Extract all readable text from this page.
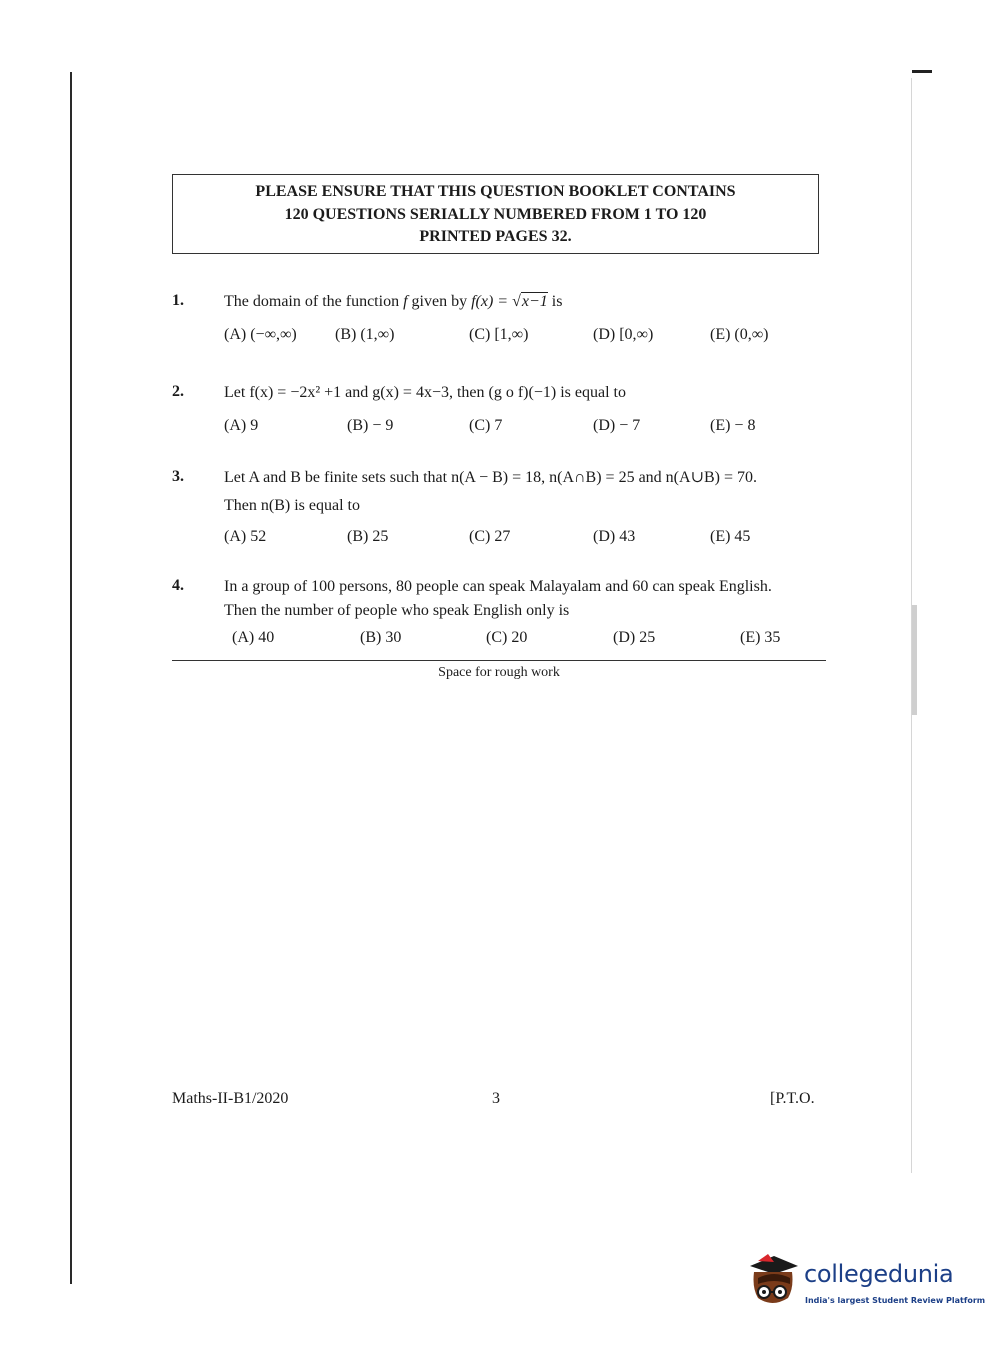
PLEASE ENSURE THAT THIS QUESTION BOOKLET CONTAINS
120 QUESTIONS SERIALLY NUMBERED FROM 1 TO 120
PRINTED PAGES 32.
1.	The domain of the function f given by f(x) = √x−1 is
(A) (−∞,∞) (B) (1,∞)	(C) [1,∞)	(D) [0,∞)	(E) (0,∞)
2.	Let f(x) = −2x² +1 and g(x) = 4x−3, then (g o f)(−1) is equal to
(A) 9	(B) − 9	(C) 7	(D) − 7	(E) − 8
3.	Let A and B be finite sets such that n(A − B) = 18, n(A∩B) = 25 and n(A∪B) = 70.
Then n(B) is equal to
(A) 52	(B) 25	(C) 27	(D) 43	(E) 45
4.	In a group of 100 persons, 80 people can speak Malayalam and 60 can speak English.
Then the number of people who speak English only is
(A) 40	(B) 30	(C) 20	(D) 25	(E) 35
Space for rough work
Maths-II-B1/2020	3	[P.T.O.
collegedunia
India's largest Student Review Platform
